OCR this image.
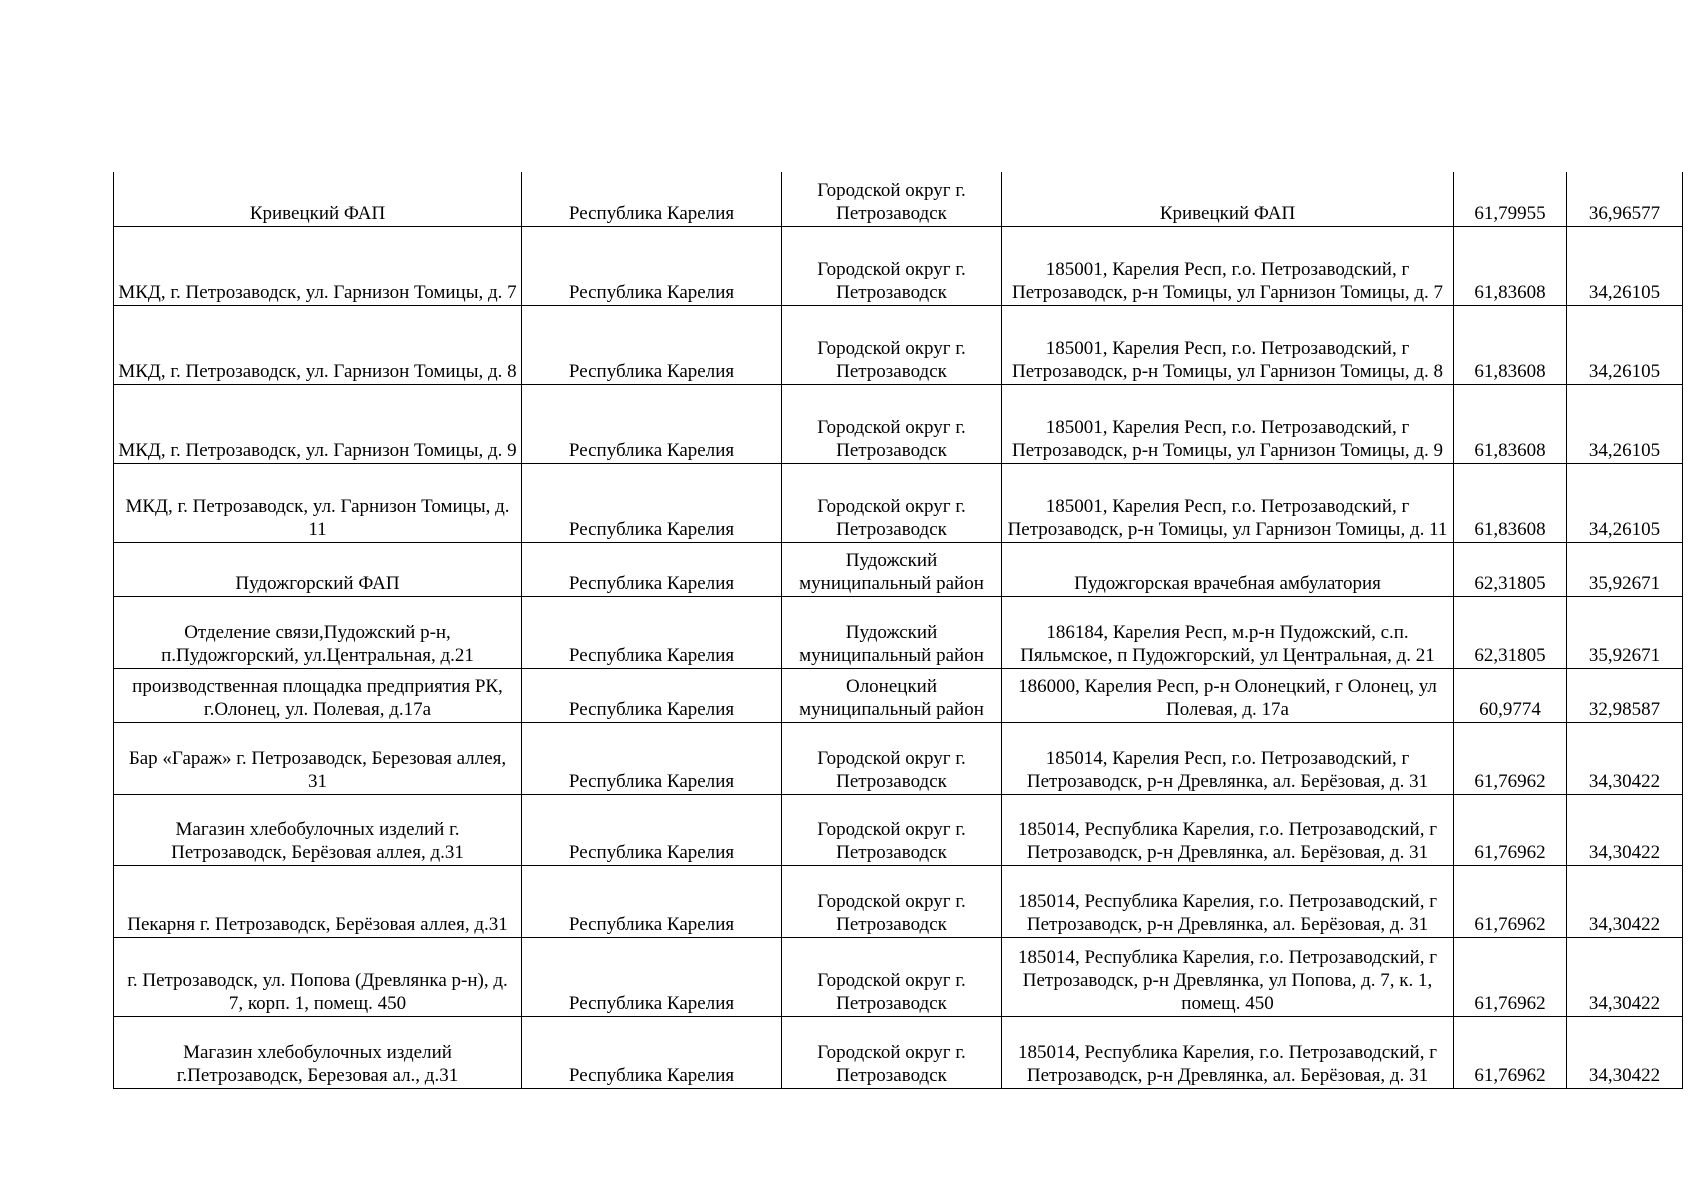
Кривецкий ФАП	Республика Карелия	Городской округ г. Петрозаводск	Кривецкий ФАП	61,79955	36,96577
МКД, г. Петрозаводск, ул. Гарнизон Томицы, д. 7	Республика Карелия	Городской округ г. Петрозаводск	185001, Карелия Респ, г.о. Петрозаводский, г Петрозаводск, р-н Томицы, ул Гарнизон Томицы, д. 7	61,83608	34,26105
МКД, г. Петрозаводск, ул. Гарнизон Томицы, д. 8	Республика Карелия	Городской округ г. Петрозаводск	185001, Карелия Респ, г.о. Петрозаводский, г Петрозаводск, р-н Томицы, ул Гарнизон Томицы, д. 8	61,83608	34,26105
МКД, г. Петрозаводск, ул. Гарнизон Томицы, д. 9	Республика Карелия	Городской округ г. Петрозаводск	185001, Карелия Респ, г.о. Петрозаводский, г Петрозаводск, р-н Томицы, ул Гарнизон Томицы, д. 9	61,83608	34,26105
МКД, г. Петрозаводск, ул. Гарнизон Томицы, д. 11	Республика Карелия	Городской округ г. Петрозаводск	185001, Карелия Респ, г.о. Петрозаводский, г Петрозаводск, р-н Томицы, ул Гарнизон Томицы, д. 11	61,83608	34,26105
Пудожгорский ФАП	Республика Карелия	Пудожский муниципальный район	Пудожгорская врачебная амбулатория	62,31805	35,92671
Отделение связи,Пудожский р-н, п.Пудожгорский, ул.Центральная, д.21	Республика Карелия	Пудожский муниципальный район	186184, Карелия Респ, м.р-н Пудожский, с.п. Пяльмское, п Пудожгорский, ул Центральная, д. 21	62,31805	35,92671
производственная площадка предприятия РК, г.Олонец, ул. Полевая, д.17а	Республика Карелия	Олонецкий муниципальный район	186000, Карелия Респ, р-н Олонецкий, г Олонец, ул Полевая, д. 17а	60,9774	32,98587
Бар «Гараж» г. Петрозаводск, Березовая аллея, 31	Республика Карелия	Городской округ г. Петрозаводск	185014, Карелия Респ, г.о. Петрозаводский, г Петрозаводск, р-н Древлянка, ал. Берёзовая, д. 31	61,76962	34,30422
Магазин хлебобулочных изделий г. Петрозаводск, Берёзовая аллея, д.31	Республика Карелия	Городской округ г. Петрозаводск	185014, Республика Карелия, г.о. Петрозаводский, г Петрозаводск, р-н Древлянка, ал. Берёзовая, д. 31	61,76962	34,30422
Пекарня г. Петрозаводск, Берёзовая аллея, д.31	Республика Карелия	Городской округ г. Петрозаводск	185014, Республика Карелия, г.о. Петрозаводский, г Петрозаводск, р-н Древлянка, ал. Берёзовая, д. 31	61,76962	34,30422
г. Петрозаводск, ул. Попова (Древлянка р-н), д. 7, корп. 1, помещ. 450	Республика Карелия	Городской округ г. Петрозаводск	185014, Республика Карелия, г.о. Петрозаводский, г Петрозаводск, р-н Древлянка, ул Попова, д. 7, к. 1, помещ. 450	61,76962	34,30422
Магазин хлебобулочных изделий г.Петрозаводск, Березовая ал., д.31	Республика Карелия	Городской округ г. Петрозаводск	185014, Республика Карелия, г.о. Петрозаводский, г Петрозаводск, р-н Древлянка, ал. Берёзовая, д. 31	61,76962	34,30422
